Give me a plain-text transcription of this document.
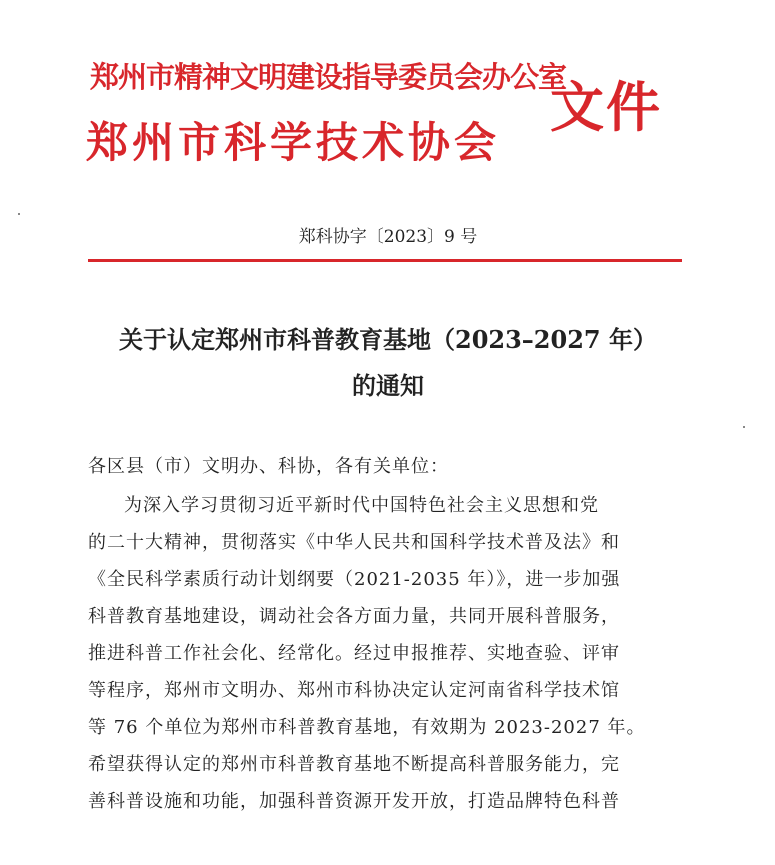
郑州市精神文明建设指导委员会办公室
郑州市科学技术协会
文件
郑科协字〔2023〕9 号
关于认定郑州市科普教育基地（2023–2027 年）
的通知
各区县（市）文明办、科协，各有关单位：
为深入学习贯彻习近平新时代中国特色社会主义思想和党
的二十大精神，贯彻落实《中华人民共和国科学技术普及法》和
《全民科学素质行动计划纲要（2021-2035 年）》，进一步加强
科普教育基地建设，调动社会各方面力量，共同开展科普服务，
推进科普工作社会化、经常化。经过申报推荐、实地查验、评审
等程序，郑州市文明办、郑州市科协决定认定河南省科学技术馆
等 76 个单位为郑州市科普教育基地，有效期为 2023-2027 年。
希望获得认定的郑州市科普教育基地不断提高科普服务能力，完
善科普设施和功能，加强科普资源开发开放，打造品牌特色科普
